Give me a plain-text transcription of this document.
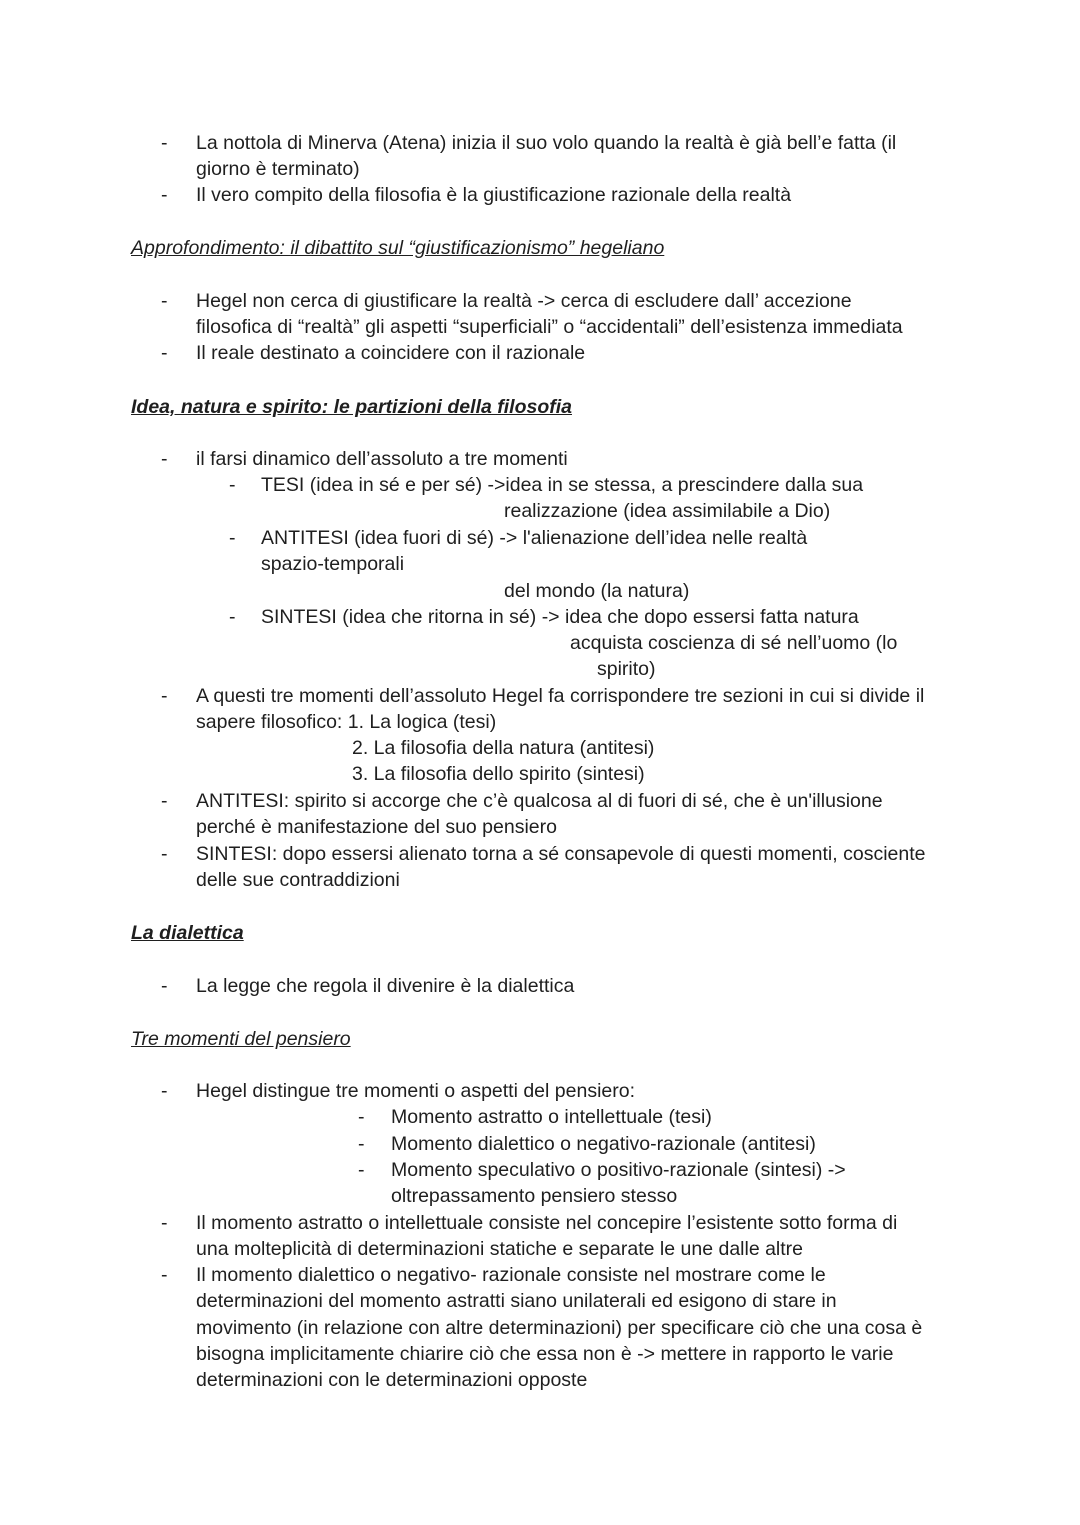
- La nottola di Minerva (Atena) inizia il suo volo quando la realtà è già bell’e fatta (il
giorno è terminato)
- Il vero compito della filosofia è la giustificazione razionale della realtà
Approfondimento: il dibattito sul “giustificazionismo” hegeliano
- Hegel non cerca di giustificare la realtà -> cerca di escludere dall’ accezione
filosofica di “realtà” gli aspetti “superficiali” o “accidentali” dell’esistenza immediata
- Il reale destinato a coincidere con il razionale
Idea, natura e spirito: le partizioni della filosofia
- il farsi dinamico dell’assoluto a tre momenti
- TESI (idea in sé e per sé) ->idea in se stessa, a prescindere dalla sua
realizzazione (idea assimilabile a Dio)
- ANTITESI (idea fuori di sé) -> l'alienazione dell’idea nelle realtà
spazio-temporali
del mondo (la natura)
- SINTESI (idea che ritorna in sé) -> idea che dopo essersi fatta natura
acquista coscienza di sé nell’uomo (lo
spirito)
- A questi tre momenti dell’assoluto Hegel fa corrispondere tre sezioni in cui si divide il
sapere filosofico: 1. La logica (tesi)
2. La filosofia della natura (antitesi)
3. La filosofia dello spirito (sintesi)
- ANTITESI: spirito si accorge che c’è qualcosa al di fuori di sé, che è un'illusione
perché è manifestazione del suo pensiero
- SINTESI: dopo essersi alienato torna a sé consapevole di questi momenti, cosciente
delle sue contraddizioni
La dialettica
- La legge che regola il divenire è la dialettica
Tre momenti del pensiero
- Hegel distingue tre momenti o aspetti del pensiero:
- Momento astratto o intellettuale (tesi)
- Momento dialettico o negativo-razionale (antitesi)
- Momento speculativo o positivo-razionale (sintesi) ->
oltrepassamento pensiero stesso
- Il momento astratto o intellettuale consiste nel concepire l’esistente sotto forma di
una molteplicità di determinazioni statiche e separate le une dalle altre
- Il momento dialettico o negativo- razionale consiste nel mostrare come le
determinazioni del momento astratti siano unilaterali ed esigono di stare in
movimento (in relazione con altre determinazioni) per specificare ciò che una cosa è
bisogna implicitamente chiarire ciò che essa non è -> mettere in rapporto le varie
determinazioni con le determinazioni opposte
